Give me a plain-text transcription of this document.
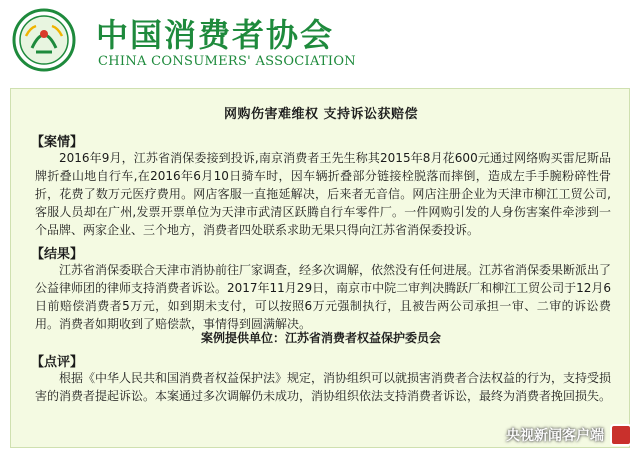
中国消费者协会
CHINA CONSUMERS' ASSOCIATION
网购伤害难维权 支持诉讼获赔偿
【案情】

2016年9月，江苏省消保委接到投诉,南京消费者王先生称其2015年8月花600元通过网络购买雷尼斯品牌折叠山地自行车,在2016年6月10日骑车时，因车辆折叠部分链接栓脱落而摔倒，造成左手手腕粉碎性骨折，花费了数万元医疗费用。网店客服一直拖延解决，后来者无音信。网店注册企业为天津市柳江工贸公司,客服人员却在广州,发票开票单位为天津市武清区跃腾自行车零件厂。一件网购引发的人身伤害案件牵涉到一个品牌、两家企业、三个地方，消费者四处联系求助无果只得向江苏省消保委投诉。

【结果】

江苏省消保委联合天津市消协前往厂家调查，经多次调解，依然没有任何进展。江苏省消保委果断派出了公益律师团的律师支持消费者诉讼。2017年11月29日，南京市中院二审判决腾跃厂和柳江工贸公司于12月6日前赔偿消费者5万元，如到期未支付，可以按照6万元强制执行，且被告两公司承担一审、二审的诉讼费用。消费者如期收到了赔偿款，事情得到圆满解决。

案例提供单位：江苏省消费者权益保护委员会
【点评】

根据《中华人民共和国消费者权益保护法》规定，消协组织可以就损害消费者合法权益的行为，支持受损害的消费者提起诉讼。本案通过多次调解仍未成功，消协组织依法支持消费者诉讼，最终为消费者挽回损失。

央视新闻客户端
